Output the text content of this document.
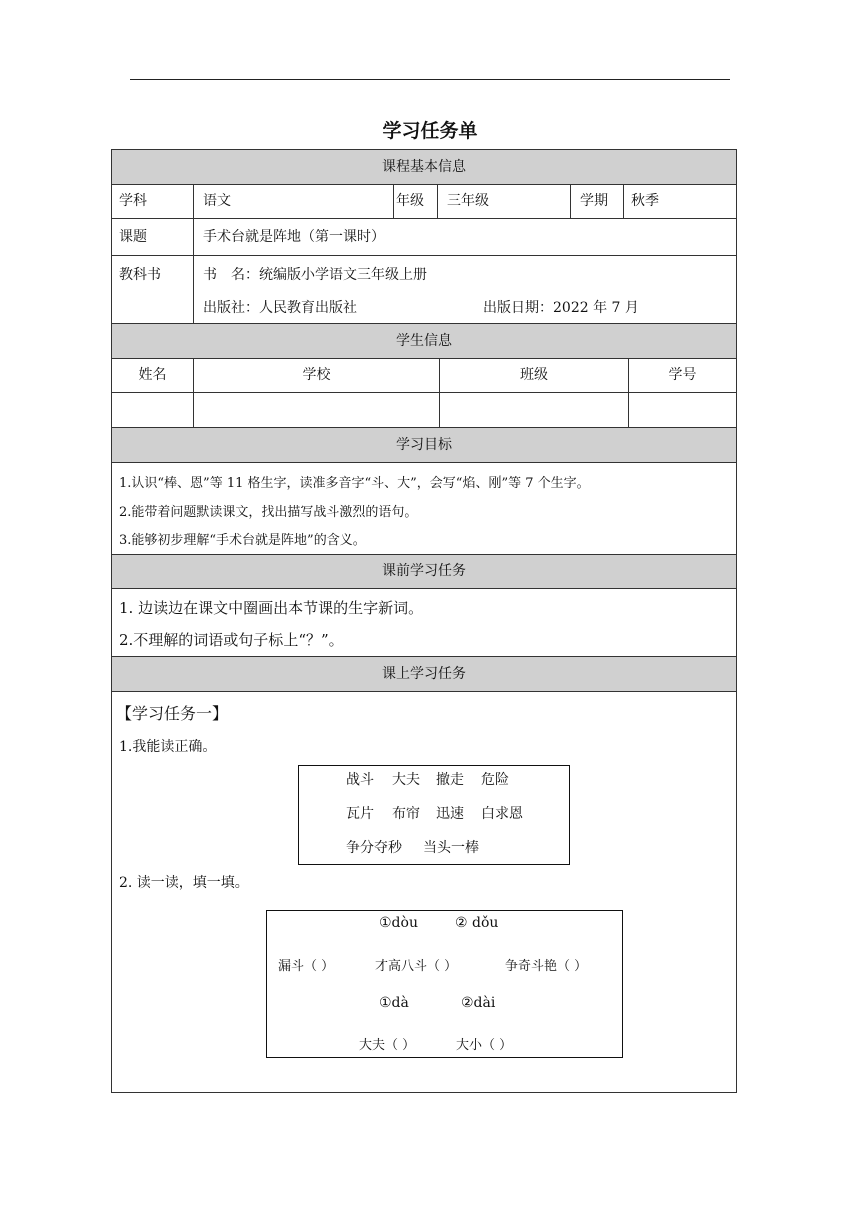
学习任务单
课程基本信息
学科	语文	年级	三年级	学期	秋季
课题	手术台就是阵地（第一课时）
教科书	书　名：统编版小学语文三年级上册
出版社：人民教育出版社	出版日期：2022 年 7 月
学生信息
姓名	学校	班级	学号
学习目标
1.认识“棒、恩”等 11 格生字，读准多音字“斗、大”，会写“焰、刚”等 7 个生字。
2.能带着问题默读课文，找出描写战斗激烈的语句。
3.能够初步理解“手术台就是阵地”的含义。
课前学习任务
1. 边读边在课文中圈画出本节课的生字新词。
2.不理解的词语或句子标上“？”。
课上学习任务
【学习任务一】
1.我能读正确。
战斗 大夫 撤走 危险
瓦片 布帘 迅速 白求恩
争分夺秒 当头一棒
2. 读一读，填一填。
①dòu	② dǒu
漏斗（ ）	才高八斗（ ）	争奇斗艳（ ）
①dà	②dài
大夫（ ）	大小（ ）
